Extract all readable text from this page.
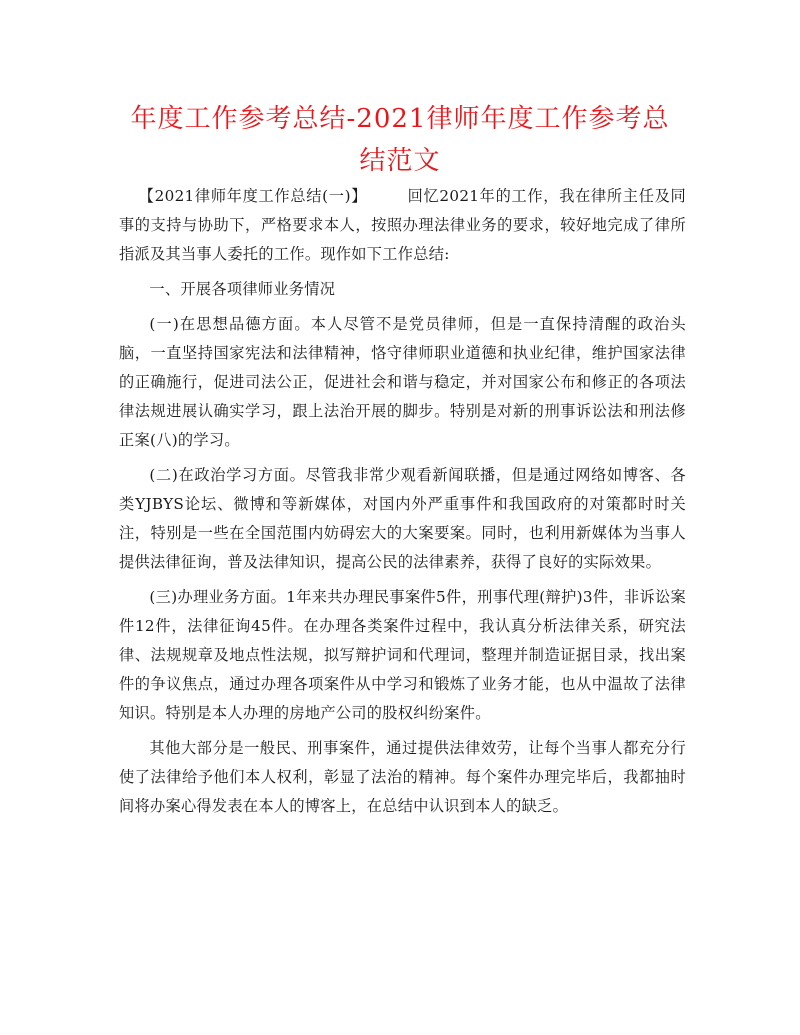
年度工作参考总结-2021律师年度工作参考总结范文

【2021律师年度工作总结(一)】	回忆2021年的工作，我在律所主任及同事的支持与协助下，严格要求本人，按照办理法律业务的要求，较好地完成了律所指派及其当事人委托的工作。现作如下工作总结:

一、开展各项律师业务情况

(一)在思想品德方面。本人尽管不是党员律师，但是一直保持清醒的政治头脑，一直坚持国家宪法和法律精神，恪守律师职业道德和执业纪律，维护国家法律的正确施行，促进司法公正，促进社会和谐与稳定，并对国家公布和修正的各项法律法规进展认确实学习，跟上法治开展的脚步。特别是对新的刑事诉讼法和刑法修正案(八)的学习。

(二)在政治学习方面。尽管我非常少观看新闻联播，但是通过网络如博客、各类YJBYS论坛、微博和等新媒体，对国内外严重事件和我国政府的对策都时时关注，特别是一些在全国范围内妨碍宏大的大案要案。同时，也利用新媒体为当事人提供法律征询，普及法律知识，提高公民的法律素养，获得了良好的实际效果。

(三)办理业务方面。1年来共办理民事案件5件，刑事代理(辩护)3件，非诉讼案件12件，法律征询45件。在办理各类案件过程中，我认真分析法律关系，研究法律、法规规章及地点性法规，拟写辩护词和代理词，整理并制造证据目录，找出案件的争议焦点，通过办理各项案件从中学习和锻炼了业务才能，也从中温故了法律知识。特别是本人办理的房地产公司的股权纠纷案件。

其他大部分是一般民、刑事案件，通过提供法律效劳，让每个当事人都充分行使了法律给予他们本人权利，彰显了法治的精神。每个案件办理完毕后，我都抽时间将办案心得发表在本人的博客上，在总结中认识到本人的缺乏。
